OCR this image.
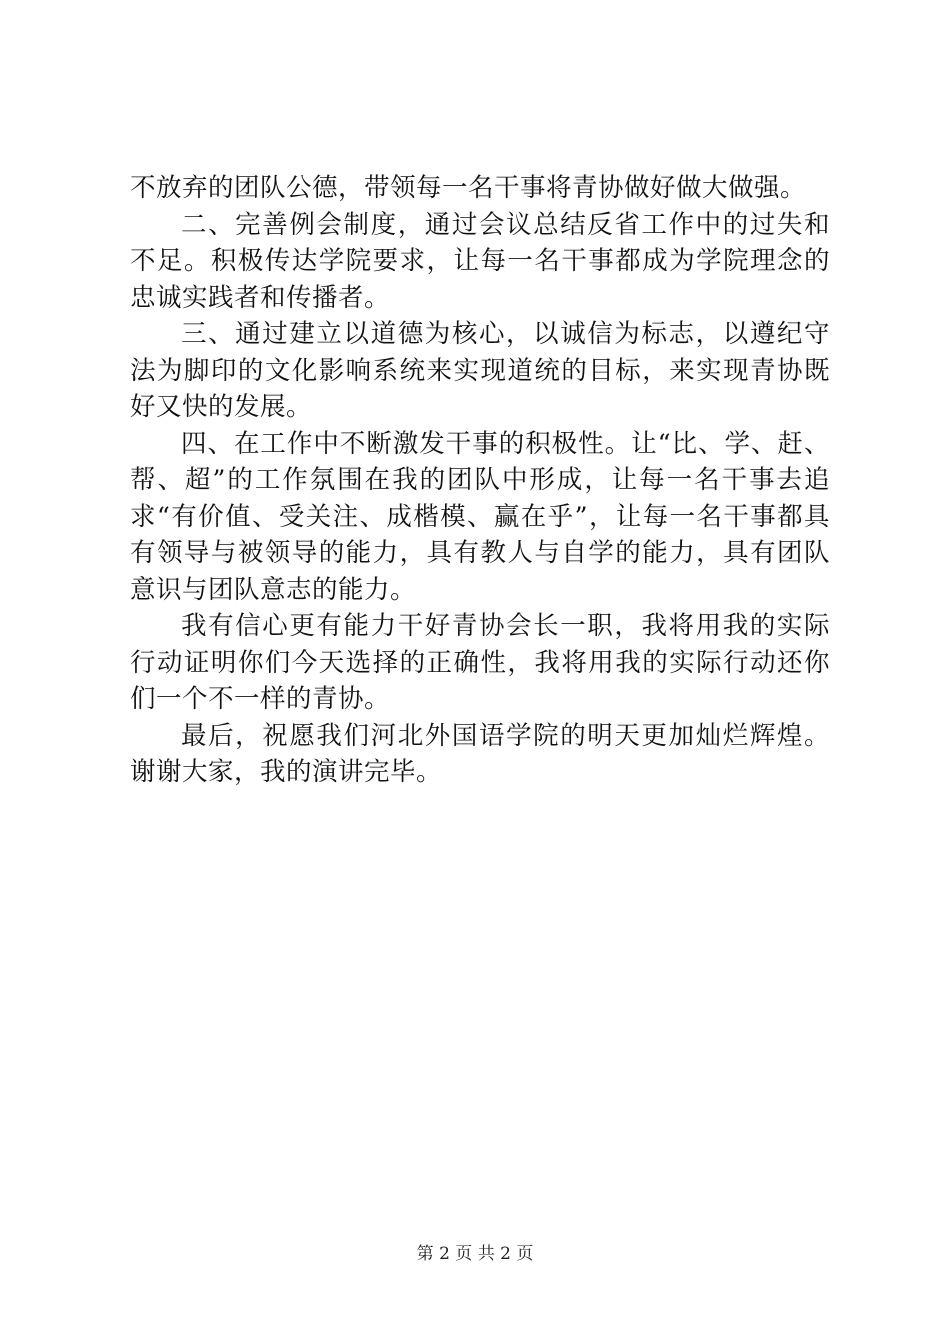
不放弃的团队公德，带领每一名干事将青协做好做大做强。

二、完善例会制度，通过会议总结反省工作中的过失和不足。积极传达学院要求，让每一名干事都成为学院理念的忠诚实践者和传播者。

三、通过建立以道德为核心，以诚信为标志，以遵纪守法为脚印的文化影响系统来实现道统的目标，来实现青协既好又快的发展。

四、在工作中不断激发干事的积极性。让“比、学、赶、帮、超”的工作氛围在我的团队中形成，让每一名干事去追求“有价值、受关注、成楷模、赢在乎”，让每一名干事都具有领导与被领导的能力，具有教人与自学的能力，具有团队意识与团队意志的能力。

我有信心更有能力干好青协会长一职，我将用我的实际行动证明你们今天选择的正确性，我将用我的实际行动还你们一个不一样的青协。

最后，祝愿我们河北外国语学院的明天更加灿烂辉煌。谢谢大家，我的演讲完毕。

第 2 页 共 2 页
